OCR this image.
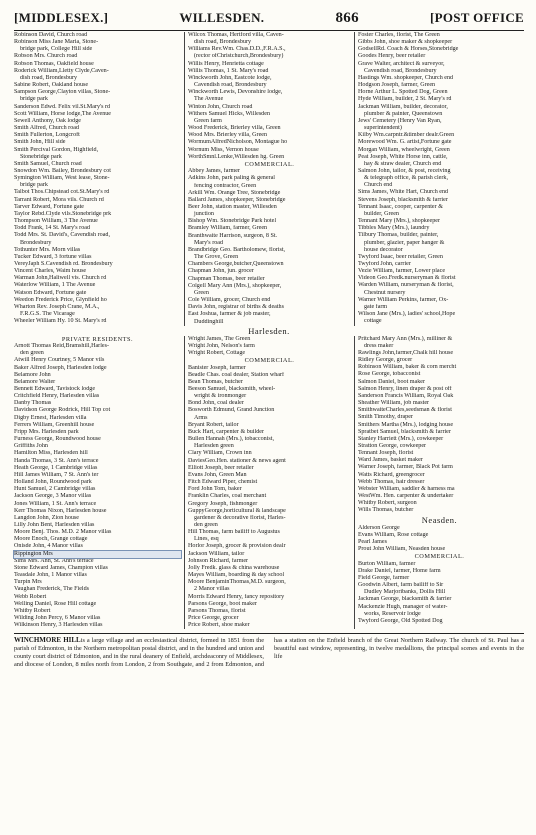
[MIDDLESEX.]	WILLESDEN.	866	[POST OFFICE
Robinson David, Church road
Robinson Miss Jane Maria, Stone-
bridge park, College Hill side
Robson Mrs. Church road
Robson Thomas, Oakfield house
Roderick William,Lletty Clyde,Caven-
dish road, Brondesbury
Sabine Robert, Oakland house
Sampson George,Clayton villas, Stone-
bridge park
Sanderson Edwd. Felix vil.St.Mary's rd
Scott William, Horse lodge,The Avenue
Sewell Anthony, Oak lodge
Smith Alfred, Church road
Smith Fullerton, Longcroft
Smith John, Hill side
Smith Percival Gordon, Highfield,
Stonebridge park
Smith Samuel, Church road
Snowdon Wm. Bailey, Brondesbury cot
Symington William, West lease, Stone-
bridge park
Talbot Thos.Chipstead cot.St.Mary's rd
Tarrant Robert, Mora vils. Church rd
Tarver Edward, Fortune gate
Taylor Rebd.Clyde vils.Stonebridge prk
Thompson William, 3 The Avenue
Todd Frank, 14 St. Mary's road
Todd Mrs. St. David's, Cavendish road,
Brondesbury
Tothunter Mrs. Morn villas
Tucker Edward, 3 fortune villas
VereyJaph S.Cavendish rd. Brondesbury
Vincent Charles, Waim house
Warman John,Haliwell vis. Church rd
Waterlow William, 1 The Avenue
Watson Edward, Fortune gate
Weedon Frederick Price, Glynfield ho
Wharton Rev. Joseph Crane, M.A.,
F.R.G.S. The Vicarage
Wheeler William Hy. 10 St. Mary's rd
Wilcox Thomas, Hertford villa, Caven-
dish road, Brondesbury
Williams Rev.Wm. Chas.D.D.,F.R.A.S.,
(rector ofChristchurch,Brondesbury)
Willis Henry, Henrietta cottage
Willis Thomas, 1 St. Mary's road
Winckworth John, Eastcote lodge,
Cavendish road, Brondesbury
Winckworth Lewis, Devonshire lodge,
The Avenue
Winton John, Church road
Withers Samuel Hicks, Willesden
Green farm
Wood Frederick, Brierley villa, Green
Wood Mrs. Brierley villa, Green
WormumAlfredNicholson, Montague ho
Wornum Miss, Vernon house
WorthSmnl.Lenke,Willesden hg. Green
COMMERCIAL.
Abbey James, farmer
Adkins John, park paling & general
fencing contractor, Green
Arkill Wm. Orange Tree, Stonebridge
Ballard James, shopkeeper, Stonebridge
Beer John, station master, Willesden
junction
Bishop Wm. Stonebridge Park hotel
Bramley William, farmer, Green
Branthwaite Harrison, surgeon, 8 St.
Mary's road
Brandbridge Geo. Bartholomew, florist,
The Grove, Green
Chambers George,butcher,Queenstown
Chapman John, jun. grocer
Chapman Thomas, beer retailer
Colgell Mary Ann (Mrs.), shopkeeper,
Green
Cole William, grocer, Church end
Davis John, registrar of births & deaths
East Joshua, farmer & job master,
Duddinghill
Foster Charles, florist, The Green
Gibbs John, shoe maker & shopkeeper
GodsellRd. Coach & Horses,Stonebridge
Goodes Henry, beer retailer
Grave Walter, architect & surveyor,
Cavendish road, Brondesbury
Hastings Wm. shopkeeper, Church end
Hodgson Joseph, farmer, Green
Horne Arthur L. Spotted Dog, Green
Hyde William, builder, 2 St. Mary's rd
Jackman William, builder, decorator,
plumber & painter, Queenstown
Jews' Cemetery (Henry Van Ryan,
superintendent)
Kilby Wm.carpntr.&timber dealr.Green
Morewood Wm. G. artist,Fortune gate
Morgan William, wheelwright, Green
Peat Joseph, White Horse inn, cattle,
hay & straw dealer, Church end
Salmon John, tailor, & post, receiving
& telegraph office, & parish clerk,
Church end
Sims James, White Hart, Church end
Stevens Joseph, blacksmith & farrier
Tennant Isaac, cooper, carpenter &
builder, Green
Tennant Mary (Mrs.), shopkeeper
Tibbles Mary (Mrs.), laundry
Tilbury Thomas, builder, painter,
plumber, glazier, paper hanger &
house decorator
Twyford Isaac, beer retailer, Green
Twyford John, carrier
Vezie William, farmer, Lower place
Videon Geo.Fredk.nurseryman & florist
Warden William, nurseryman & florist,
Chestnut nursery
Warner William Perkins, farmer, Ox-
gate farm
Wilson Jane (Mrs.), ladies' school,Hope
cottage
Harlesden.
PRIVATE RESIDENTS.
Arnott Thomas Reid,Bramshill,Harles-
den green
Atwill Henry Courtney, 5 Manor vils
Baker Alfred Joseph, Harlesden lodge
Belamore John
Belamore Walter
Bennett Edward, Tavistock lodge
Critchfield Henry, Harlesden villas
Danby Thomas
Davidson George Rodrick, Hill Top cot
Digby Ernest, Harlesden villa
Ferrers William, Greenhill house
Fripp Mrs. Harlesden park
Furness George, Roundwood house
Griffiths John
Hamilton Miss, Harlesden hill
Handa Thomas, 3 St. Ann's terrace
Heath George, 1 Cambridge villas
Hill James William, 7 St. Ann's ter
Holland John, Roundwood park
Hunt Samuel, 2 Cambridge villas
Jackson George, 3 Manor villas
Jones William, 1 St. Ann's terrace
Kerr Thomas Nixon, Harlesden house
Langdon John, Zion house
Lilly John Bent, Harlesden villas
Moore Benj. Thos. M.D. 2 Manor villas
Moore Enoch, Grange cottage
Onisde John, 4 Manor villas
Rippington Mrs
Sims Mrs. Ann, St. Ann's terrace
Stone Edward James, Champion villas
Teasdale John, 1 Manor villas
Turpin Mrs
Vaughan Frederick, The Fields
Webb Robert
Welling Daniel, Rose Hill cottage
Whitby Robert
Wilding John Percy, 6 Manor villas
Wilkinson Henry, 3 Harlesden villas
Wright James, The Green
Wright John, Nelson's farm
Wright Robert, Cottage
COMMERCIAL.
Banister Joseph, farmer
Beadle Chas. coal dealer, Station wharf
Bean Thomas, butcher
Beeson Samuel, blacksmith, wheel-
wright & ironmonger
Bond John, coal dealer
Bosworth Edmund, Grand Junction
Arms
Bryant Robert, tailor
Buck Hart, carpenter & builder
Bullen Hannah (Mrs.), tobacconist,
Harlesden green
Clary William, Crown inn
DaviesGeo.Hen. stationer & news agent
Elliott Joseph, beer retailer
Evans John, Green Man
Fitch Edward Piper, chemist
Ford John Tom, baker
Franklin Charles, coal merchant
Gregory Joseph, fishmonger
GuppyGeorge,horticultural & landscape
gardener & decorative florist, Harles-
den green
Hill Thomas, farm bailiff to Augustus
Lines, esq
Horlor Joseph, grocer & provision dealr
Jackson William, tailor
Johnson Richard, farmer
Jolly Fredk. glass & china warehouse
Mayes William, boarding & day school
Moore BenjaminThomas,M.D. surgeon,
2 Manor villas
Morris Edward Henry, fancy repository
Parsons George, boot maker
Parsons Thomas, florist
Price George, grocer
Price Robert, shoe maker
Pritchard Mary Ann (Mrs.), milliner &
dress maker
Rawlings John,farmer,Chalk hill house
Ridley George, grocer
Robinson William, baker & corn mercht
Rose George, tobacconist
Salmon Daniel, boot maker
Salmon Henry, linen draper & post off
Sanderson Francis William, Royal Oak
Sheather William, job master
SmithwaiteCharles,seedsman & florist
Smith Timothy, draper
Smithers Martha (Mrs.), lodging house
Spratbet Samuel, blacksmith & farrier
Stanley Harriett (Mrs.), cowkeeper
Stratton George, cowkeeper
Tennant Joseph, florist
Ward James, basket maker
Warner Joseph, farmer, Black Pot farm
Watts Richard, greengrocer
Webb Thomas, hair dresser
Webster William, saddler & harness ma
WestWm. Hen. carpenter & undertaker
Whitby Robert, surgeon
Wills Thomas, butcher
Neasden.
Alderson George
Evans William, Rose cottage
Pearl James
Prout John William, Neasden house
COMMERCIAL.
Burton William, farmer
Drake Daniel, farmer, Home farm
Field George, farmer
Goodwin Albert, farm bailiff to Sir
Dudley Marjoribanks, Dollis Hill
Jackman George, blacksmith & farrier
Mackenzie Hugh, manager of water-
works, Reservoir lodge
Twyford George, Old Spotted Dog
WINCHMORE HILLis a large village and an ecclesiastical district, formed in 1851 from the parish of Edmonton, in the Northern metropolitan postal district, and in the hundred and union and county court district of Edmonton, and in the rural deanery of Enfield, archdeaconry of Middlesex, and diocese of London, 8 miles north from London, 2 from Southgate, and 2 from Edmonton, and has a station on the Enfield branch of the Great Northern Railway. The church of St. Paul has a beautiful east window, representing, in twelve medallions, the principal scenes and events in the life
